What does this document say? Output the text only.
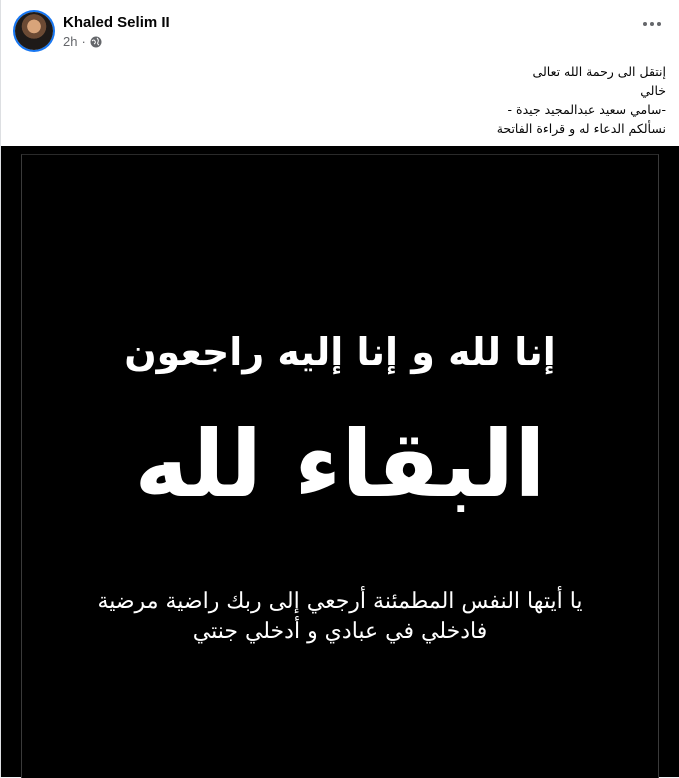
Khaled Selim II
2h ·
إنتقل الى رحمة الله تعالى
خالي
-سامي سعيد عبدالمجيد جيدة -
نسألكم الدعاء له و قراءة الفاتحة
إنا لله و إنا إليه راجعون
البقاء لله
يا أيتها النفس المطمئنة أرجعي إلى ربك راضية مرضية
فادخلي في عبادي و أدخلي جنتي
